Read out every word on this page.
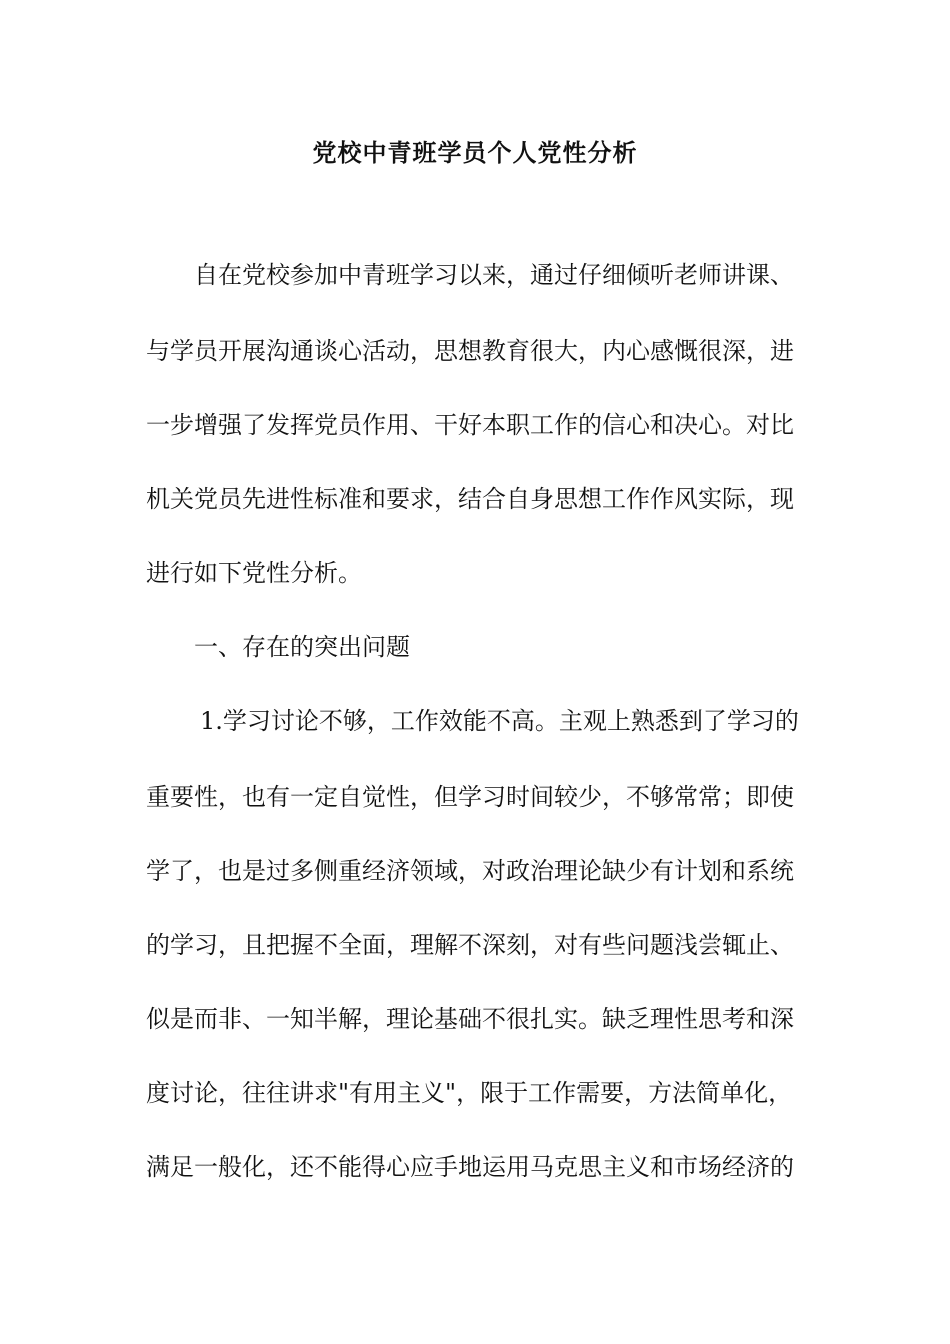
党校中青班学员个人党性分析

自在党校参加中青班学习以来，通过仔细倾听老师讲课、

与学员开展沟通谈心活动，思想教育很大，内心感慨很深，进

一步增强了发挥党员作用、干好本职工作的信心和决心。对比

机关党员先进性标准和要求，结合自身思想工作作风实际，现

进行如下党性分析。

一、存在的突出问题

1.学习讨论不够，工作效能不高。主观上熟悉到了学习的

重要性，也有一定自觉性，但学习时间较少，不够常常；即使

学了，也是过多侧重经济领域，对政治理论缺少有计划和系统

的学习，且把握不全面，理解不深刻，对有些问题浅尝辄止、

似是而非、一知半解，理论基础不很扎实。缺乏理性思考和深

度讨论，往往讲求"有用主义"，限于工作需要，方法简单化，

满足一般化，还不能得心应手地运用马克思主义和市场经济的
